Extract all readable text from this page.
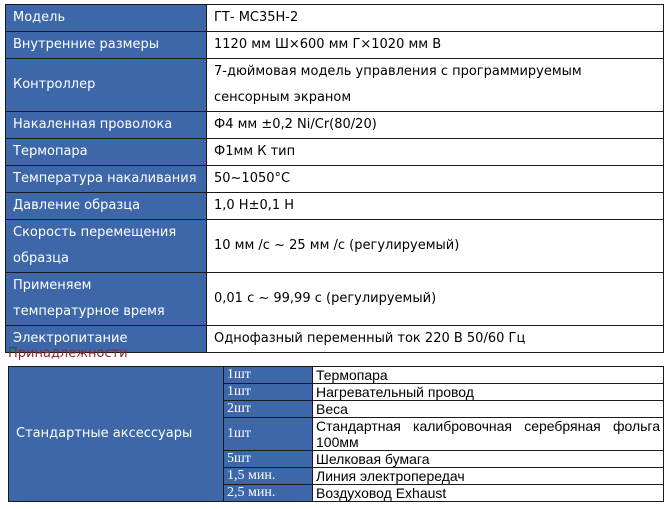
Модель	ГТ- МС35Н-2
Внутренние размеры	1120 мм Ш×600 мм Г×1020 мм В
Контроллер	7-дюймовая модель управления с программируемым сенсорным экраном
Накаленная проволока	Ф4 мм ±0,2 Ni/Cr(80/20)
Термопара	Ф1мм К тип
Температура накаливания	50~1050°C
Давление образца	1,0 Н±0,1 Н
Скорость перемещения образца	10 мм /с ~ 25 мм /с (регулируемый)
Применяем температурное время	0,01 с ~ 99,99 с (регулируемый)
Электропитание	Однофазный переменный ток 220 В 50/60 Гц
Принадлежности
Стандартные аксессуары	1шт	Термопара
	1шт	Нагревательный провод
	2шт	Веса
	1шт	Стандартная калибровочная серебряная фольга 100мм
	5шт	Шелковая бумага
	1,5 мин.	Линия электропередач
	2,5 мин.	Воздуховод Exhaust
